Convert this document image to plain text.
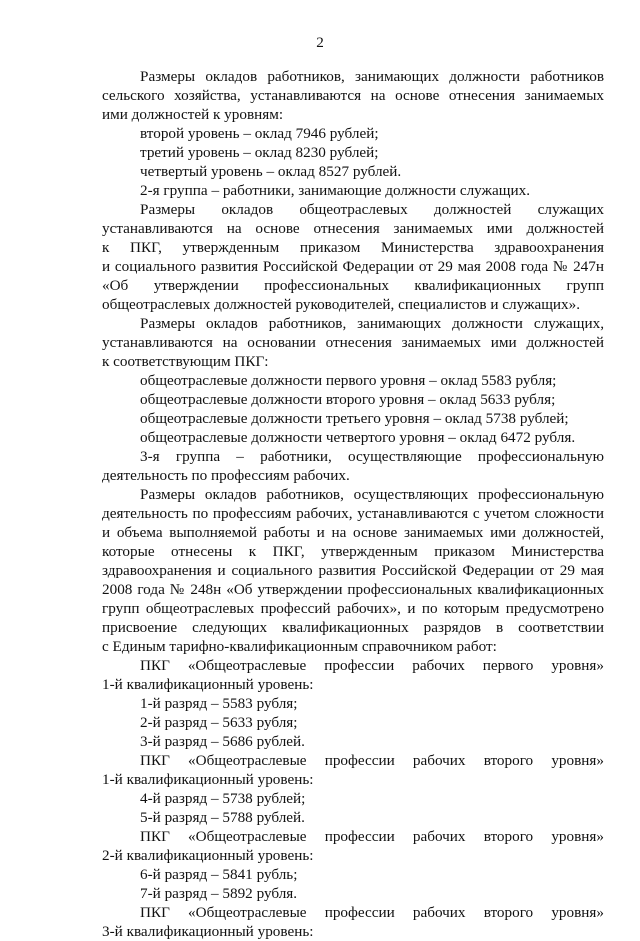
2
Размеры окладов работников, занимающих должности работников
сельского хозяйства, устанавливаются на основе отнесения занимаемых
ими должностей к уровням:
второй уровень – оклад 7946 рублей;
третий уровень – оклад 8230 рублей;
четвертый уровень – оклад 8527 рублей.
2-я группа – работники, занимающие должности служащих.
Размеры окладов общеотраслевых должностей служащих
устанавливаются на основе отнесения занимаемых ими должностей
к ПКГ, утвержденным приказом Министерства здравоохранения
и социального развития Российской Федерации от 29 мая 2008 года № 247н
«Об утверждении профессиональных квалификационных групп
общеотраслевых должностей руководителей, специалистов и служащих».
Размеры окладов работников, занимающих должности служащих,
устанавливаются на основании отнесения занимаемых ими должностей
к соответствующим ПКГ:
общеотраслевые должности первого уровня – оклад 5583 рубля;
общеотраслевые должности второго уровня – оклад 5633 рубля;
общеотраслевые должности третьего уровня – оклад 5738 рублей;
общеотраслевые должности четвертого уровня – оклад 6472 рубля.
3-я группа – работники, осуществляющие профессиональную
деятельность по профессиям рабочих.
Размеры окладов работников, осуществляющих профессиональную
деятельность по профессиям рабочих, устанавливаются с учетом сложности
и объема выполняемой работы и на основе занимаемых ими должностей,
которые отнесены к ПКГ, утвержденным приказом Министерства
здравоохранения и социального развития Российской Федерации от 29 мая
2008 года № 248н «Об утверждении профессиональных квалификационных
групп общеотраслевых профессий рабочих», и по которым предусмотрено
присвоение следующих квалификационных разрядов в соответствии
с Единым тарифно-квалификационным справочником работ:
ПКГ «Общеотраслевые профессии рабочих первого уровня»
1-й квалификационный уровень:
1-й разряд – 5583 рубля;
2-й разряд – 5633 рубля;
3-й разряд – 5686 рублей.
ПКГ «Общеотраслевые профессии рабочих второго уровня»
1-й квалификационный уровень:
4-й разряд – 5738 рублей;
5-й разряд – 5788 рублей.
ПКГ «Общеотраслевые профессии рабочих второго уровня»
2-й квалификационный уровень:
6-й разряд – 5841 рубль;
7-й разряд – 5892 рубля.
ПКГ «Общеотраслевые профессии рабочих второго уровня»
3-й квалификационный уровень:
